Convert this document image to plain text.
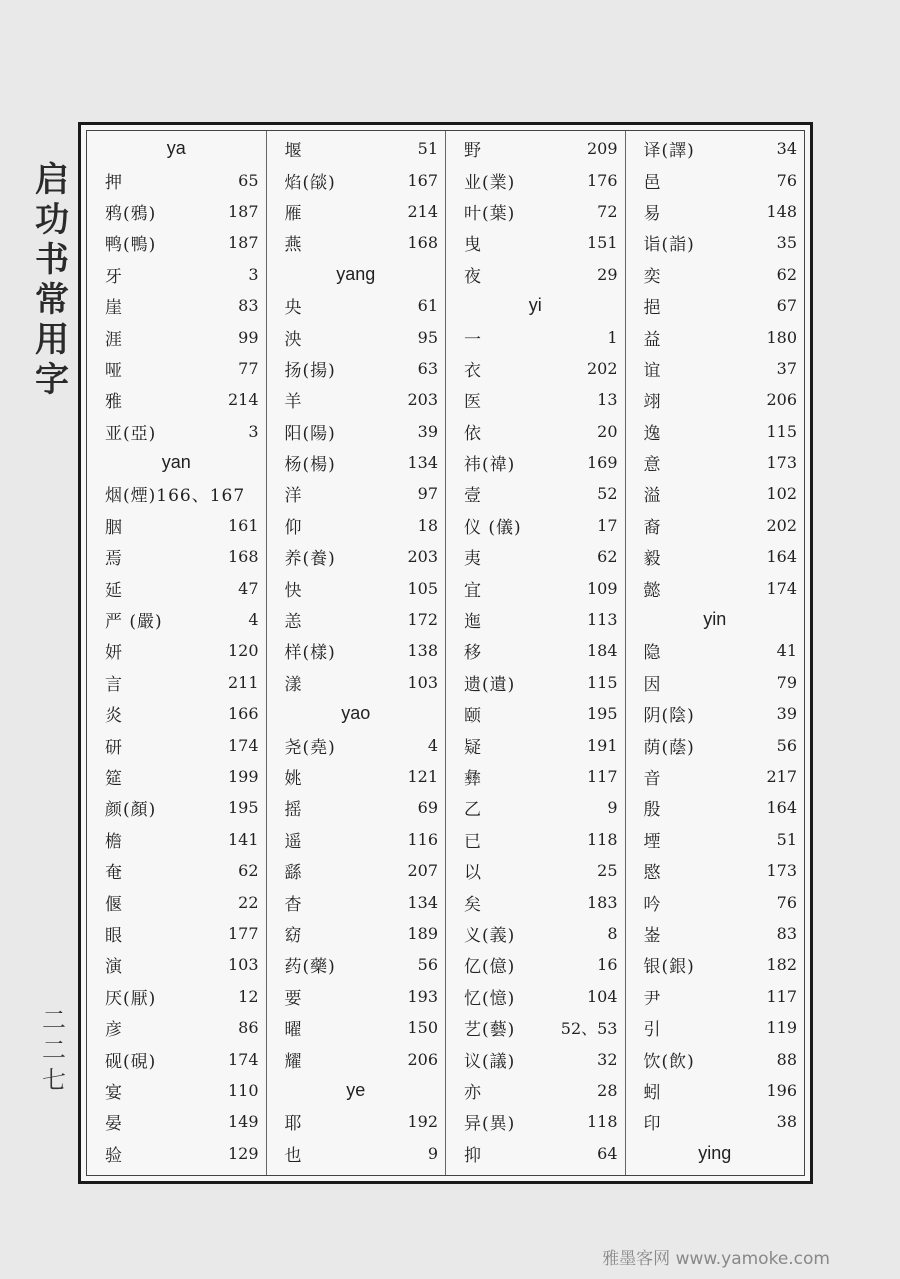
启
功
书
常
用
字
二
二
七
ya
押	65
鸦(鴉)	187
鸭(鴨)	187
牙	3
崖	83
涯	99
哑	77
雅	214
亚(亞)	3
yan
烟(煙)166、167
胭	161
焉	168
延	47
严 (嚴)	4
妍	120
言	211
炎	166
研	174
筵	199
颜(顏)	195
檐	141
奄	62
偃	22
眼	177
演	103
厌(厭)	12
彦	86
砚(硯)	174
宴	110
晏	149
验	129
堰	51
焰(燄)	167
雁	214
燕	168
yang
央	61
泱	95
扬(揚)	63
羊	203
阳(陽)	39
杨(楊)	134
洋	97
仰	18
养(養)	203
快	105
恙	172
样(樣)	138
漾	103
yao
尧(堯)	4
姚	121
摇	69
遥	116
繇	207
杳	134
窈	189
药(藥)	56
要	193
曜	150
耀	206
ye
耶	192
也	9
野	209
业(業)	176
叶(葉)	72
曳	151
夜	29
yi
一	1
衣	202
医	13
依	20
祎(禕)	169
壹	52
仪 (儀)	17
夷	62
宜	109
迤	113
移	184
遗(遺)	115
颐	195
疑	191
彝	117
乙	9
已	118
以	25
矣	183
义(義)	8
亿(億)	16
忆(憶)	104
艺(藝)	52、53
议(議)	32
亦	28
异(異)	118
抑	64
译(譯)	34
邑	76
易	148
诣(詣)	35
奕	62
挹	67
益	180
谊	37
翊	206
逸	115
意	173
溢	102
裔	202
毅	164
懿	174
yin
隐	41
因	79
阴(陰)	39
荫(蔭)	56
音	217
殷	164
堙	51
愍	173
吟	76
崟	83
银(銀)	182
尹	117
引	119
饮(飲)	88
蚓	196
印	38
ying
雅墨客网 www.yamoke.com
